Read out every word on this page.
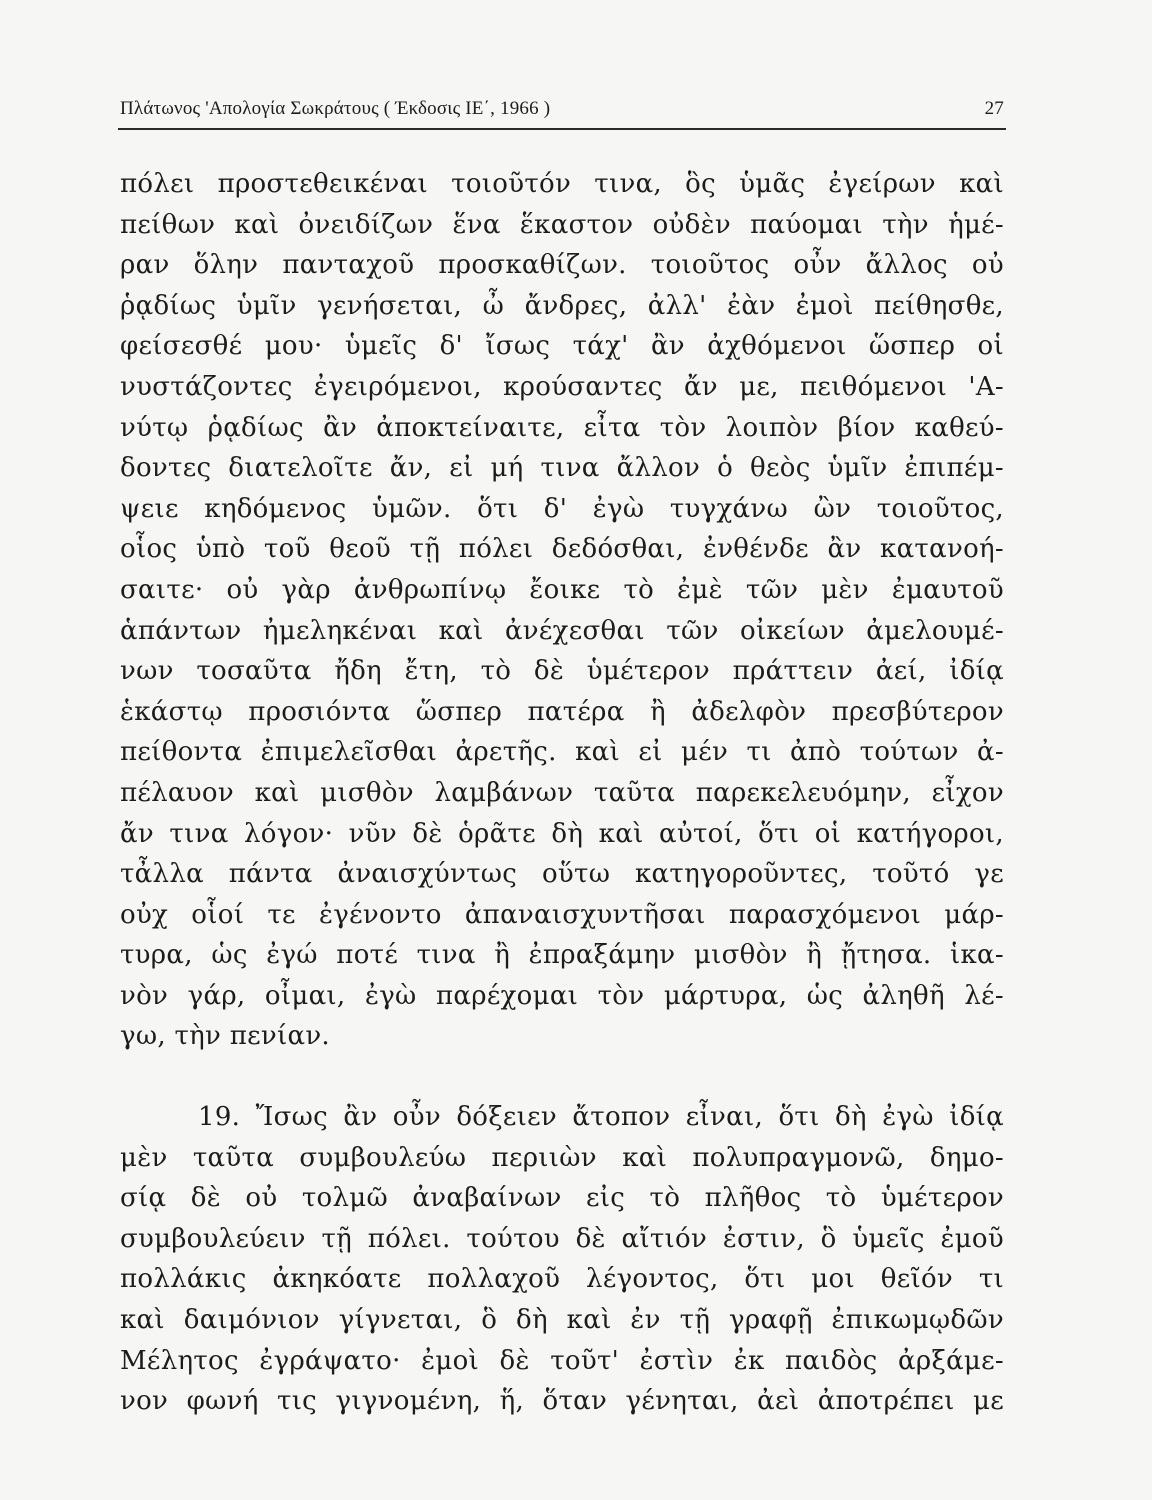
Πλάτωνος 'Απολογία Σωκράτους ( Έκδοσις ΙΕ΄, 1966 )	27
πόλει προστεθεικέναι τοιοῦτόν τινα, ὃς ὑμᾶς ἐγείρων καὶ
πείθων καὶ ὀνειδίζων ἕνα ἕκαστον οὐδὲν παύομαι τὴν ἡμέ-
ραν ὅλην πανταχοῦ προσκαθίζων. τοιοῦτος οὖν ἄλλος οὐ
ῥᾳδίως ὑμῖν γενήσεται, ὦ ἄνδρες, ἀλλ' ἐὰν ἐμοὶ πείθησθε,
φείσεσθέ μου· ὑμεῖς δ' ἴσως τάχ' ἂν ἀχθόμενοι ὥσπερ οἱ
νυστάζοντες ἐγειρόμενοι, κρούσαντες ἄν με, πειθόμενοι 'Α-
νύτῳ ῥᾳδίως ἂν ἀποκτείναιτε, εἶτα τὸν λοιπὸν βίον καθεύ-
δοντες διατελοῖτε ἄν, εἰ μή τινα ἄλλον ὁ θεὸς ὑμῖν ἐπιπέμ-
ψειε κηδόμενος ὑμῶν. ὅτι δ' ἐγὼ τυγχάνω ὢν τοιοῦτος,
οἷος ὑπὸ τοῦ θεοῦ τῇ πόλει δεδόσθαι, ἐνθένδε ἂν κατανοή-
σαιτε· οὐ γὰρ ἀνθρωπίνῳ ἔοικε τὸ ἐμὲ τῶν μὲν ἐμαυτοῦ
ἁπάντων ἠμεληκέναι καὶ ἀνέχεσθαι τῶν οἰκείων ἀμελουμέ-
νων τοσαῦτα ἤδη ἔτη, τὸ δὲ ὑμέτερον πράττειν ἀεί, ἰδίᾳ
ἑκάστῳ προσιόντα ὥσπερ πατέρα ἢ ἀδελφὸν πρεσβύτερον
πείθοντα ἐπιμελεῖσθαι ἀρετῆς. καὶ εἰ μέν τι ἀπὸ τούτων ἀ-
πέλαυον καὶ μισθὸν λαμβάνων ταῦτα παρεκελευόμην, εἶχον
ἄν τινα λόγον· νῦν δὲ ὁρᾶτε δὴ καὶ αὐτοί, ὅτι οἱ κατήγοροι,
τἆλλα πάντα ἀναισχύντως οὕτω κατηγοροῦντες, τοῦτό γε
οὐχ οἷοί τε ἐγένοντο ἀπαναισχυντῆσαι παρασχόμενοι μάρ-
τυρα, ὡς ἐγώ ποτέ τινα ἢ ἐπραξάμην μισθὸν ἢ ᾔτησα. ἱκα-
νὸν γάρ, οἶμαι, ἐγὼ παρέχομαι τὸν μάρτυρα, ὡς ἀληθῆ λέ-
γω, τὴν πενίαν.
19. Ἴσως ἂν οὖν δόξειεν ἄτοπον εἶναι, ὅτι δὴ ἐγὼ ἰδίᾳ
μὲν ταῦτα συμβουλεύω περιιὼν καὶ πολυπραγμονῶ, δημο-
σίᾳ δὲ οὐ τολμῶ ἀναβαίνων εἰς τὸ πλῆθος τὸ ὑμέτερον
συμβουλεύειν τῇ πόλει. τούτου δὲ αἴτιόν ἐστιν, ὃ ὑμεῖς ἐμοῦ
πολλάκις ἀκηκόατε πολλαχοῦ λέγοντος, ὅτι μοι θεῖόν τι
καὶ δαιμόνιον γίγνεται, ὃ δὴ καὶ ἐν τῇ γραφῇ ἐπικωμῳδῶν
Μέλητος ἐγράψατο· ἐμοὶ δὲ τοῦτ' ἐστὶν ἐκ παιδὸς ἀρξάμε-
νον φωνή τις γιγνομένη, ἥ, ὅταν γένηται, ἀεὶ ἀποτρέπει με
